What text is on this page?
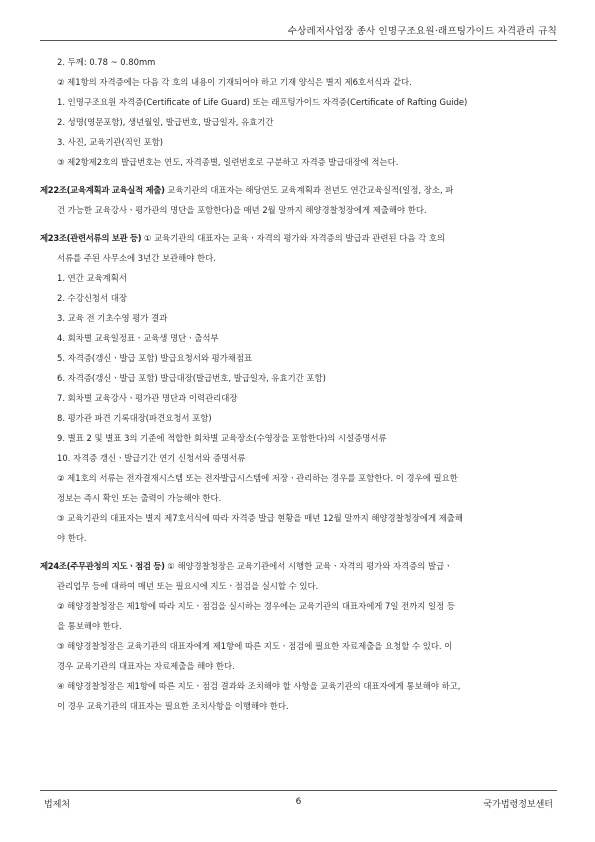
수상레저사업장 종사 인명구조요원·래프팅가이드 자격관리 규칙
2. 두께: 0.78 ~ 0.80mm
② 제1항의 자격증에는 다음 각 호의 내용이 기재되어야 하고 기재 양식은 별지 제6호서식과 같다.
1. 인명구조요원 자격증(Certificate of Life Guard) 또는 래프팅가이드 자격증(Certificate of Rafting Guide)
2. 성명(영문포함), 생년월일, 발급번호, 발급일자, 유효기간
3. 사진, 교육기관(직인 포함)
③ 제2항제2호의 발급번호는 연도, 자격종별, 일련번호로 구분하고 자격증 발급대장에 적는다.
제22조(교육계획과 교육실적 제출) 교육기관의 대표자는 해당연도 교육계획과 전년도 연간교육실적(일정, 장소, 파
건 가능한 교육강사ㆍ평가관의 명단을 포함한다)을 매년 2월 말까지 해양경찰청장에게 제출해야 한다.
제23조(관련서류의 보관 등) ① 교육기관의 대표자는 교육ㆍ자격의 평가와 자격증의 발급과 관련된 다음 각 호의
서류를 주된 사무소에 3년간 보관해야 한다.
1. 연간 교육계획서
2. 수강신청서 대장
3. 교육 전 기초수영 평가 결과
4. 회차별 교육일정표ㆍ교육생 명단ㆍ출석부
5. 자격증(갱신ㆍ발급 포함) 발급요청서와 평가채점표
6. 자격증(갱신ㆍ발급 포함) 발급대장(발급번호, 발급일자, 유효기간 포함)
7. 회차별 교육강사ㆍ평가관 명단과 이력관리대장
8. 평가관 파견 기록대장(파견요청서 포함)
9. 별표 2 및 별표 3의 기준에 적합한 회차별 교육장소(수영장을 포함한다)의 시설증명서류
10. 자격증 갱신ㆍ발급기간 연기 신청서와 증명서류
② 제1호의 서류는 전자결재시스템 또는 전자발급시스템에 저장ㆍ관리하는 경우를 포함한다. 이 경우에 필요한
정보는 즉시 확인 또는 출력이 가능해야 한다.
③ 교육기관의 대표자는 별지 제7호서식에 따라 자격증 발급 현황을 매년 12월 말까지 해양경찰청장에게 제출해
야 한다.
제24조(주무관청의 지도ㆍ점검 등) ① 해양경찰청장은 교육기관에서 시행한 교육ㆍ자격의 평가와 자격증의 발급ㆍ
관리업무 등에 대하여 매년 또는 필요시에 지도ㆍ점검을 실시할 수 있다.
② 해양경찰청장은 제1항에 따라 지도ㆍ점검을 실시하는 경우에는 교육기관의 대표자에게 7일 전까지 일정 등
을 통보해야 한다.
③ 해양경찰청장은 교육기관의 대표자에게 제1항에 따른 지도ㆍ점검에 필요한 자료제출을 요청할 수 있다. 이
경우 교육기관의 대표자는 자료제출을 해야 한다.
④ 해양경찰청장은 제1항에 따른 지도ㆍ점검 결과와 조치해야 할 사항을 교육기관의 대표자에게 통보해야 하고,
이 경우 교육기관의 대표자는 필요한 조치사항을 이행해야 한다.
법제처	6	국가법령정보센터
